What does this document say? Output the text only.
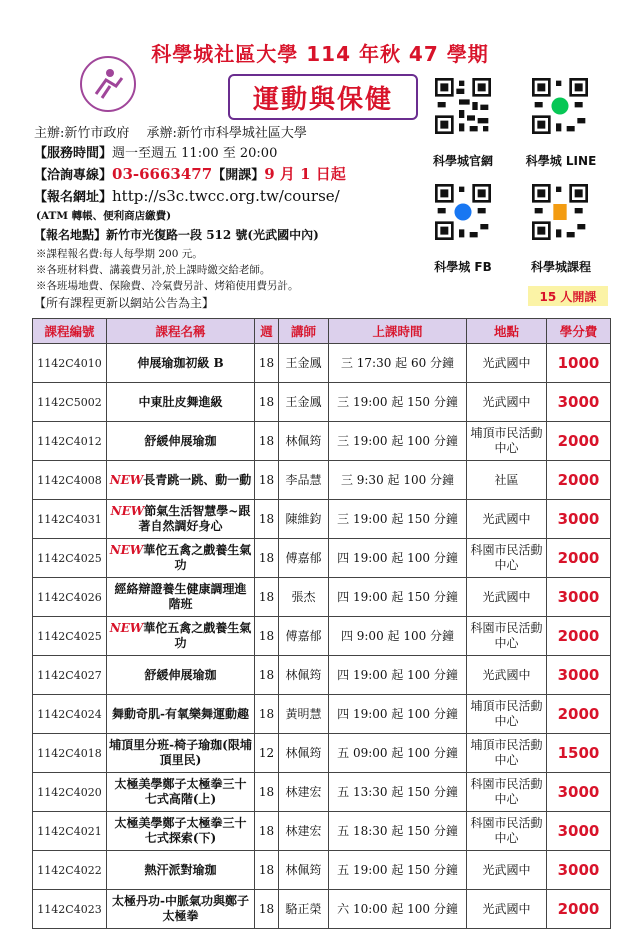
科學城社區大學 114 年秋 47 學期
運動與保健
主辦:新竹市政府　 承辦:新竹市科學城社區大學
【服務時間】週一至週五 11:00 至 20:00
【洽詢專線】03-6663477【開課】9 月 1 日起
【報名網址】http://s3c.twcc.org.tw/course/
(ATM 轉帳、便利商店繳費)
【報名地點】新竹市光復路一段 512 號(光武國中內)
※課程報名費:每人每學期 200 元。
※各班材料費、講義費另計,於上課時繳交給老師。
※各班場地費、保險費、冷氣費另計、烤箱使用費另計。
【所有課程更新以網站公告為主】
科學城官網	科學城 LINE
科學城 FB	科學城課程
15 人開課
課程編號	課程名稱	週	講師	上課時間	地點	學分費
1142C4010	伸展瑜珈初級 B	18	王金鳳	三 17:30 起 60 分鐘	光武國中	1000
1142C5002	中東肚皮舞進級	18	王金鳳	三 19:00 起 150 分鐘	光武國中	3000
1142C4012	舒緩伸展瑜珈	18	林佩筠	三 19:00 起 100 分鐘	埔頂市民活動中心	2000
1142C4008	NEW長青跳一跳、動一動	18	李品慧	三 9:30 起 100 分鐘	社區	2000
1142C4031	NEW節氣生活智慧學~跟著自然調好身心	18	陳維鈞	三 19:00 起 150 分鐘	光武國中	3000
1142C4025	NEW華佗五禽之戲養生氣功	18	傅嘉郁	四 19:00 起 100 分鐘	科園市民活動中心	2000
1142C4026	經絡辯證養生健康調理進階班	18	張杰	四 19:00 起 150 分鐘	光武國中	3000
1142C4025	NEW華佗五禽之戲養生氣功	18	傅嘉郁	四 9:00 起 100 分鐘	科園市民活動中心	2000
1142C4027	舒緩伸展瑜珈	18	林佩筠	四 19:00 起 100 分鐘	光武國中	3000
1142C4024	舞動奇肌-有氧樂舞運動趣	18	黃明慧	四 19:00 起 100 分鐘	埔頂市民活動中心	2000
1142C4018	埔頂里分班-椅子瑜珈(限埔頂里民)	12	林佩筠	五 09:00 起 100 分鐘	埔頂市民活動中心	1500
1142C4020	太極美學鄭子太極拳三十七式高階(上)	18	林建宏	五 13:30 起 150 分鐘	科園市民活動中心	3000
1142C4021	太極美學鄭子太極拳三十七式探索(下)	18	林建宏	五 18:30 起 150 分鐘	科園市民活動中心	3000
1142C4022	熱汗派對瑜珈	18	林佩筠	五 19:00 起 150 分鐘	光武國中	3000
1142C4023	太極丹功-中脈氣功與鄭子太極拳	18	駱正榮	六 10:00 起 100 分鐘	光武國中	2000
